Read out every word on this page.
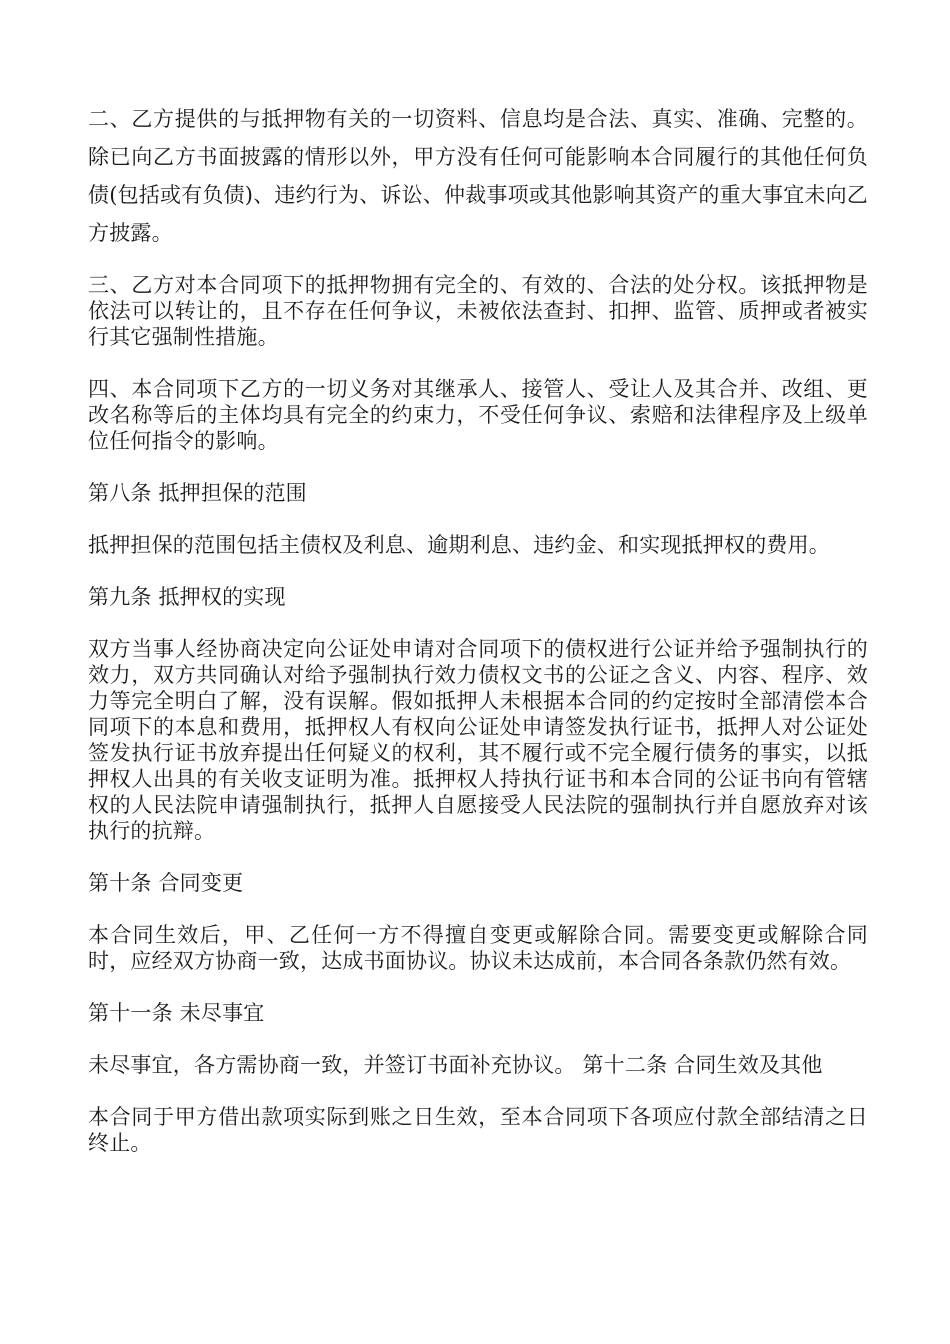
二、乙方提供的与抵押物有关的一切资料、信息均是合法、真实、准确、完整的。除已向乙方书面披露的情形以外，甲方没有任何可能影响本合同履行的其他任何负债(包括或有负债)、违约行为、诉讼、仲裁事项或其他影响其资产的重大事宜未向乙方披露。

三、乙方对本合同项下的抵押物拥有完全的、有效的、合法的处分权。该抵押物是依法可以转让的，且不存在任何争议，未被依法查封、扣押、监管、质押或者被实行其它强制性措施。

四、本合同项下乙方的一切义务对其继承人、接管人、受让人及其合并、改组、更改名称等后的主体均具有完全的约束力，不受任何争议、索赔和法律程序及上级单位任何指令的影响。

第八条 抵押担保的范围

抵押担保的范围包括主债权及利息、逾期利息、违约金、和实现抵押权的费用。

第九条 抵押权的实现

双方当事人经协商决定向公证处申请对合同项下的债权进行公证并给予强制执行的效力，双方共同确认对给予强制执行效力债权文书的公证之含义、内容、程序、效力等完全明白了解，没有误解。假如抵押人未根据本合同的约定按时全部清偿本合同项下的本息和费用，抵押权人有权向公证处申请签发执行证书，抵押人对公证处签发执行证书放弃提出任何疑义的权利，其不履行或不完全履行债务的事实，以抵押权人出具的有关收支证明为准。抵押权人持执行证书和本合同的公证书向有管辖权的人民法院申请强制执行，抵押人自愿接受人民法院的强制执行并自愿放弃对该执行的抗辩。

第十条 合同变更

本合同生效后，甲、乙任何一方不得擅自变更或解除合同。需要变更或解除合同时，应经双方协商一致，达成书面协议。协议未达成前，本合同各条款仍然有效。

第十一条 未尽事宜

未尽事宜，各方需协商一致，并签订书面补充协议。 第十二条 合同生效及其他

本合同于甲方借出款项实际到账之日生效，至本合同项下各项应付款全部结清之日终止。
